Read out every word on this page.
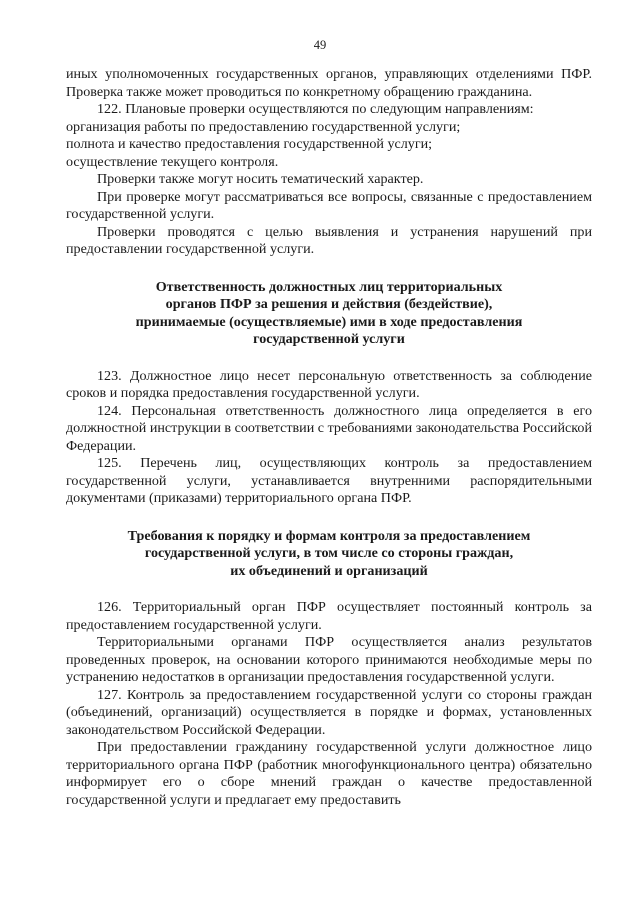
49

иных уполномоченных государственных органов, управляющих отделениями ПФР. Проверка также может проводиться по конкретному обращению гражданина.

122. Плановые проверки осуществляются по следующим направлениям:

организация работы по предоставлению государственной услуги;

полнота и качество предоставления государственной услуги;

осуществление текущего контроля.

Проверки также могут носить тематический характер.

При проверке могут рассматриваться все вопросы, связанные с предоставлением государственной услуги.

Проверки проводятся с целью выявления и устранения нарушений при предоставлении государственной услуги.

Ответственность должностных лиц территориальных
органов ПФР за решения и действия (бездействие),
принимаемые (осуществляемые) ими в ходе предоставления
государственной услуги

123. Должностное лицо несет персональную ответственность за соблюдение сроков и порядка предоставления государственной услуги.

124. Персональная ответственность должностного лица определяется в его должностной инструкции в соответствии с требованиями законодательства Российской Федерации.

125. Перечень лиц, осуществляющих контроль за предоставлением государственной услуги, устанавливается внутренними распорядительными документами (приказами) территориального органа ПФР.

Требования к порядку и формам контроля за предоставлением
государственной услуги, в том числе со стороны граждан,
их объединений и организаций

126. Территориальный орган ПФР осуществляет постоянный контроль за предоставлением государственной услуги.

Территориальными органами ПФР осуществляется анализ результатов проведенных проверок, на основании которого принимаются необходимые меры по устранению недостатков в организации предоставления государственной услуги.

127. Контроль за предоставлением государственной услуги со стороны граждан (объединений, организаций) осуществляется в порядке и формах, установленных законодательством Российской Федерации.

При предоставлении гражданину государственной услуги должностное лицо территориального органа ПФР (работник многофункционального центра) обязательно информирует его о сборе мнений граждан о качестве предоставленной государственной услуги и предлагает ему предоставить
